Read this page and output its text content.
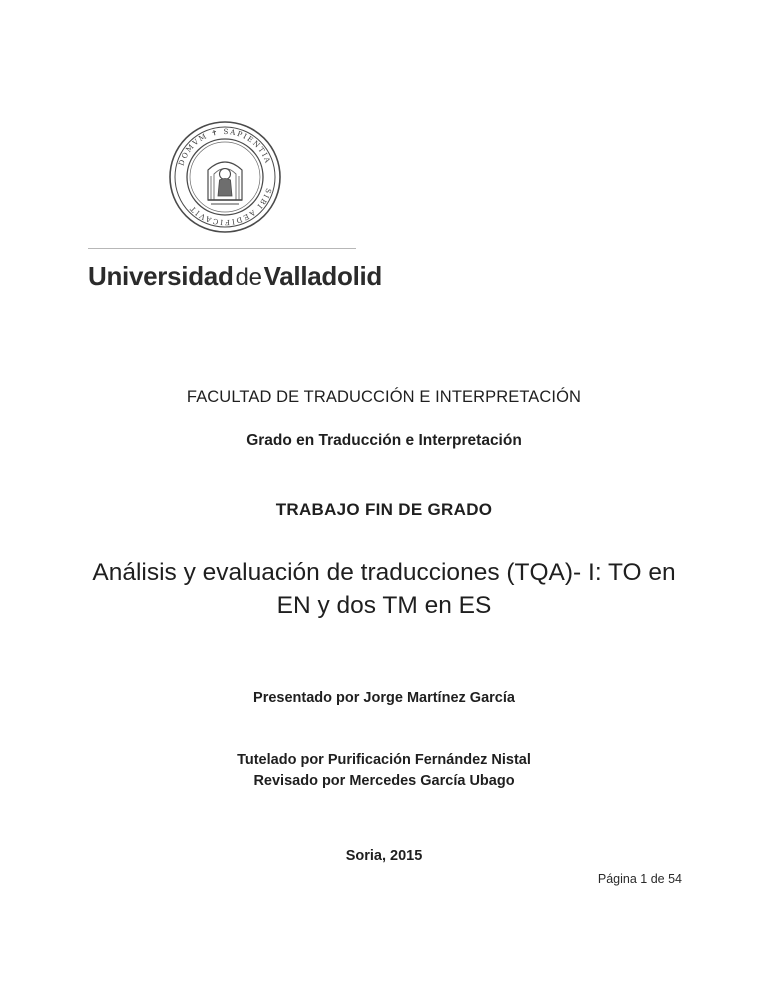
DOMVM ✝ SAPIENTIA
SIBI AEDIFICAVIT
UniversidaddeValladolid
FACULTAD DE TRADUCCIÓN E INTERPRETACIÓN
Grado en Traducción e Interpretación
TRABAJO FIN DE GRADO
Análisis y evaluación de traducciones (TQA)- I: TO en EN y dos TM en ES
Presentado por Jorge Martínez García
Tutelado por Purificación Fernández Nistal
Revisado por Mercedes García Ubago
Soria, 2015
Página 1 de 54
